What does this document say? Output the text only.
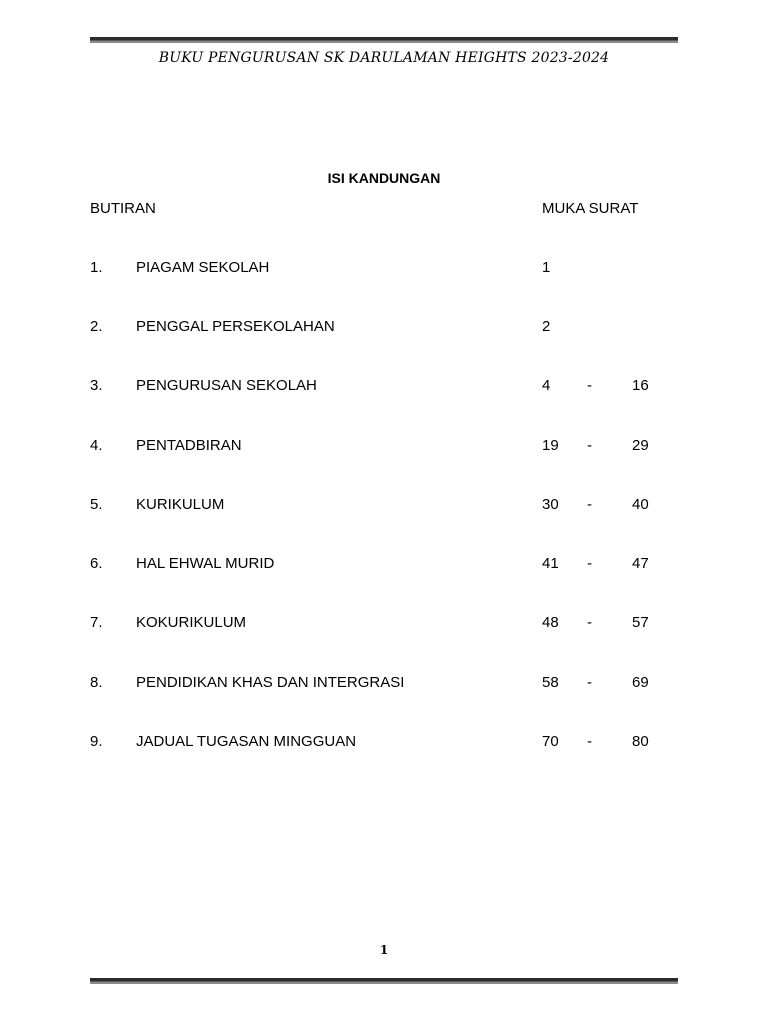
BUKU PENGURUSAN SK DARULAMAN HEIGHTS 2023-2024
ISI KANDUNGAN
BUTIRAN	MUKA SURAT
1. PIAGAM SEKOLAH	1
2. PENGGAL PERSEKOLAHAN	2
3. PENGURUSAN SEKOLAH	4 -	16
4. PENTADBIRAN	19 -	29
5. KURIKULUM	30 -	40
6. HAL EHWAL MURID	41 -	47
7. KOKURIKULUM	48 -	57
8. PENDIDIKAN KHAS DAN INTERGRASI	58 -	69
9. JADUAL TUGASAN MINGGUAN	70 -	80
1
